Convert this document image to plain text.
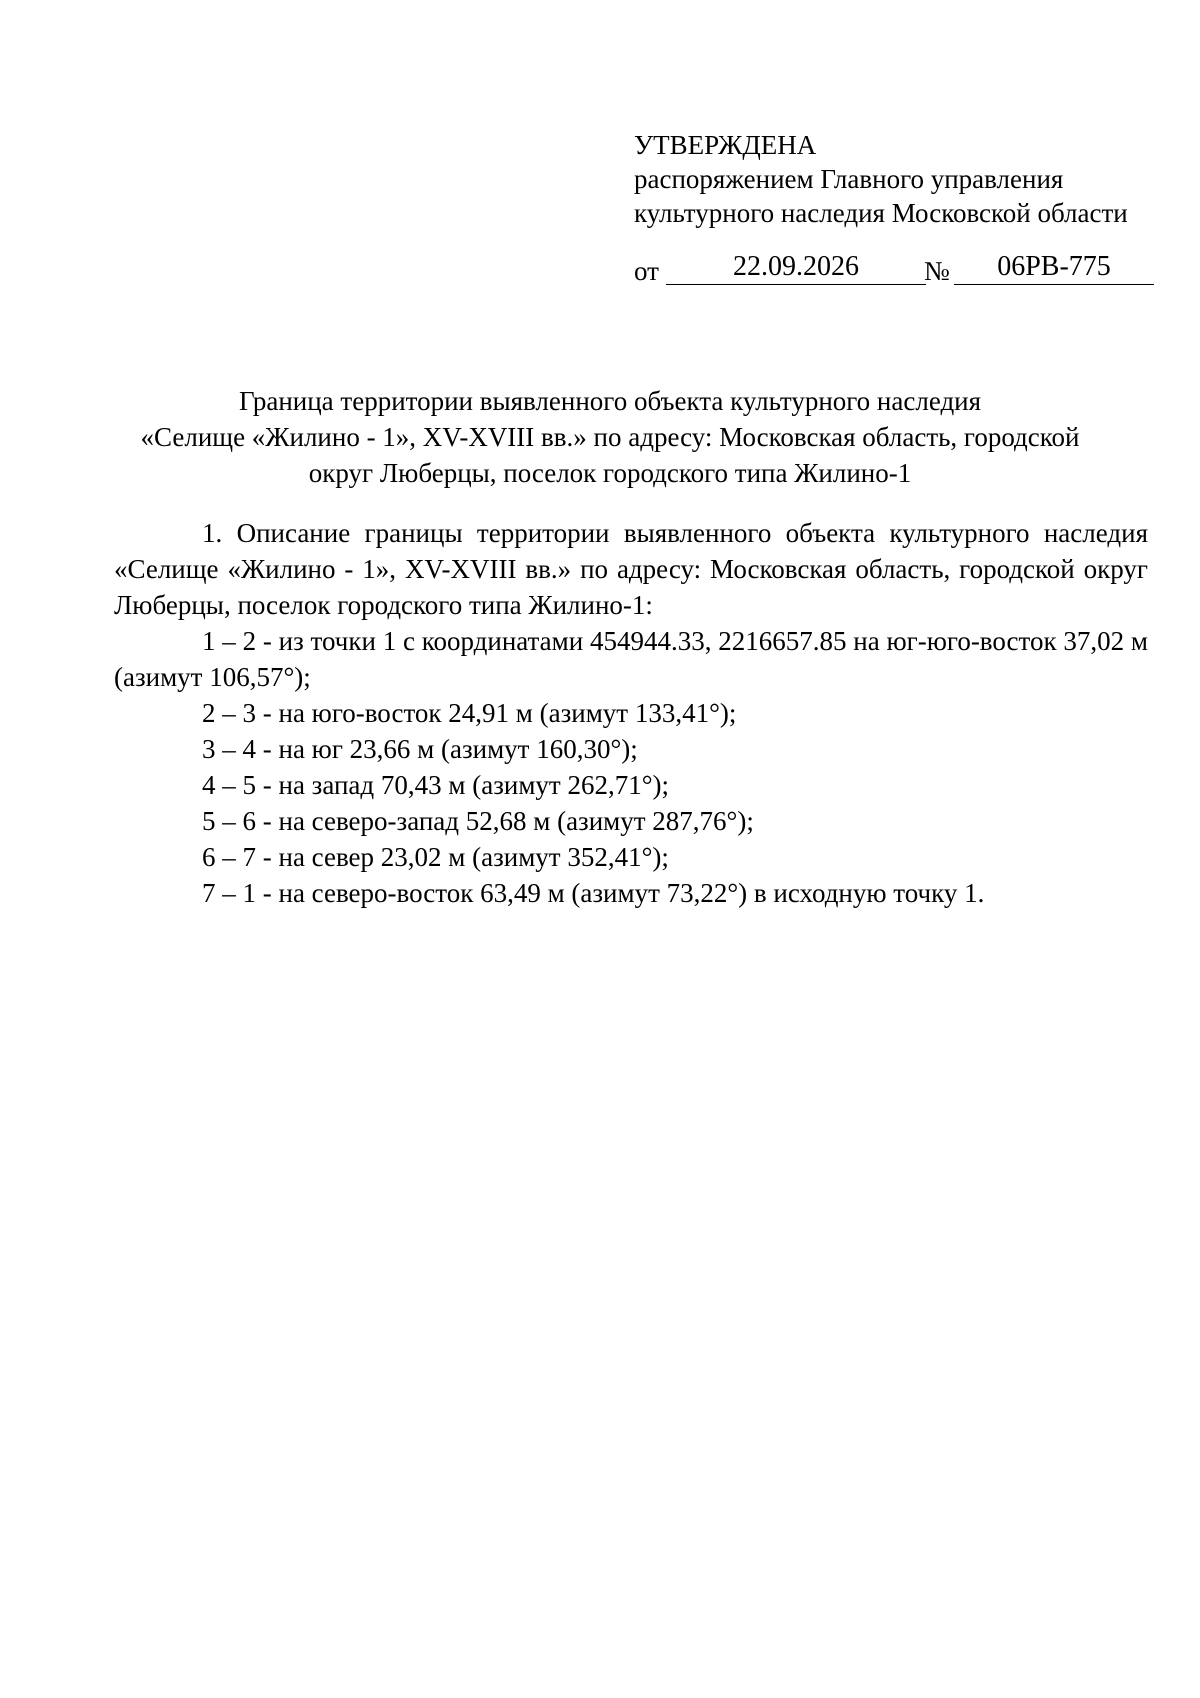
УТВЕРЖДЕНА
распоряжением Главного управления
культурного наследия Московской области
от	22.09.2026	№	06РВ-775
Граница территории выявленного объекта культурного наследия
«Селище «Жилино - 1», XV-XVIII вв.» по адресу: Московская область, городской
округ Люберцы, поселок городского типа Жилино-1

1. Описание границы территории выявленного объекта культурного наследия «Селище «Жилино - 1», XV-XVIII вв.» по адресу: Московская область, городской округ Люберцы, поселок городского типа Жилино-1:

1 – 2 - из точки 1 с координатами 454944.33, 2216657.85 на юг-юго-восток 37,02 м (азимут 106,57°);

2 – 3 - на юго-восток 24,91 м (азимут 133,41°);

3 – 4 - на юг 23,66 м (азимут 160,30°);

4 – 5 - на запад 70,43 м (азимут 262,71°);

5 – 6 - на северо-запад 52,68 м (азимут 287,76°);

6 – 7 - на север 23,02 м (азимут 352,41°);

7 – 1 - на северо-восток 63,49 м (азимут 73,22°) в исходную точку 1.
